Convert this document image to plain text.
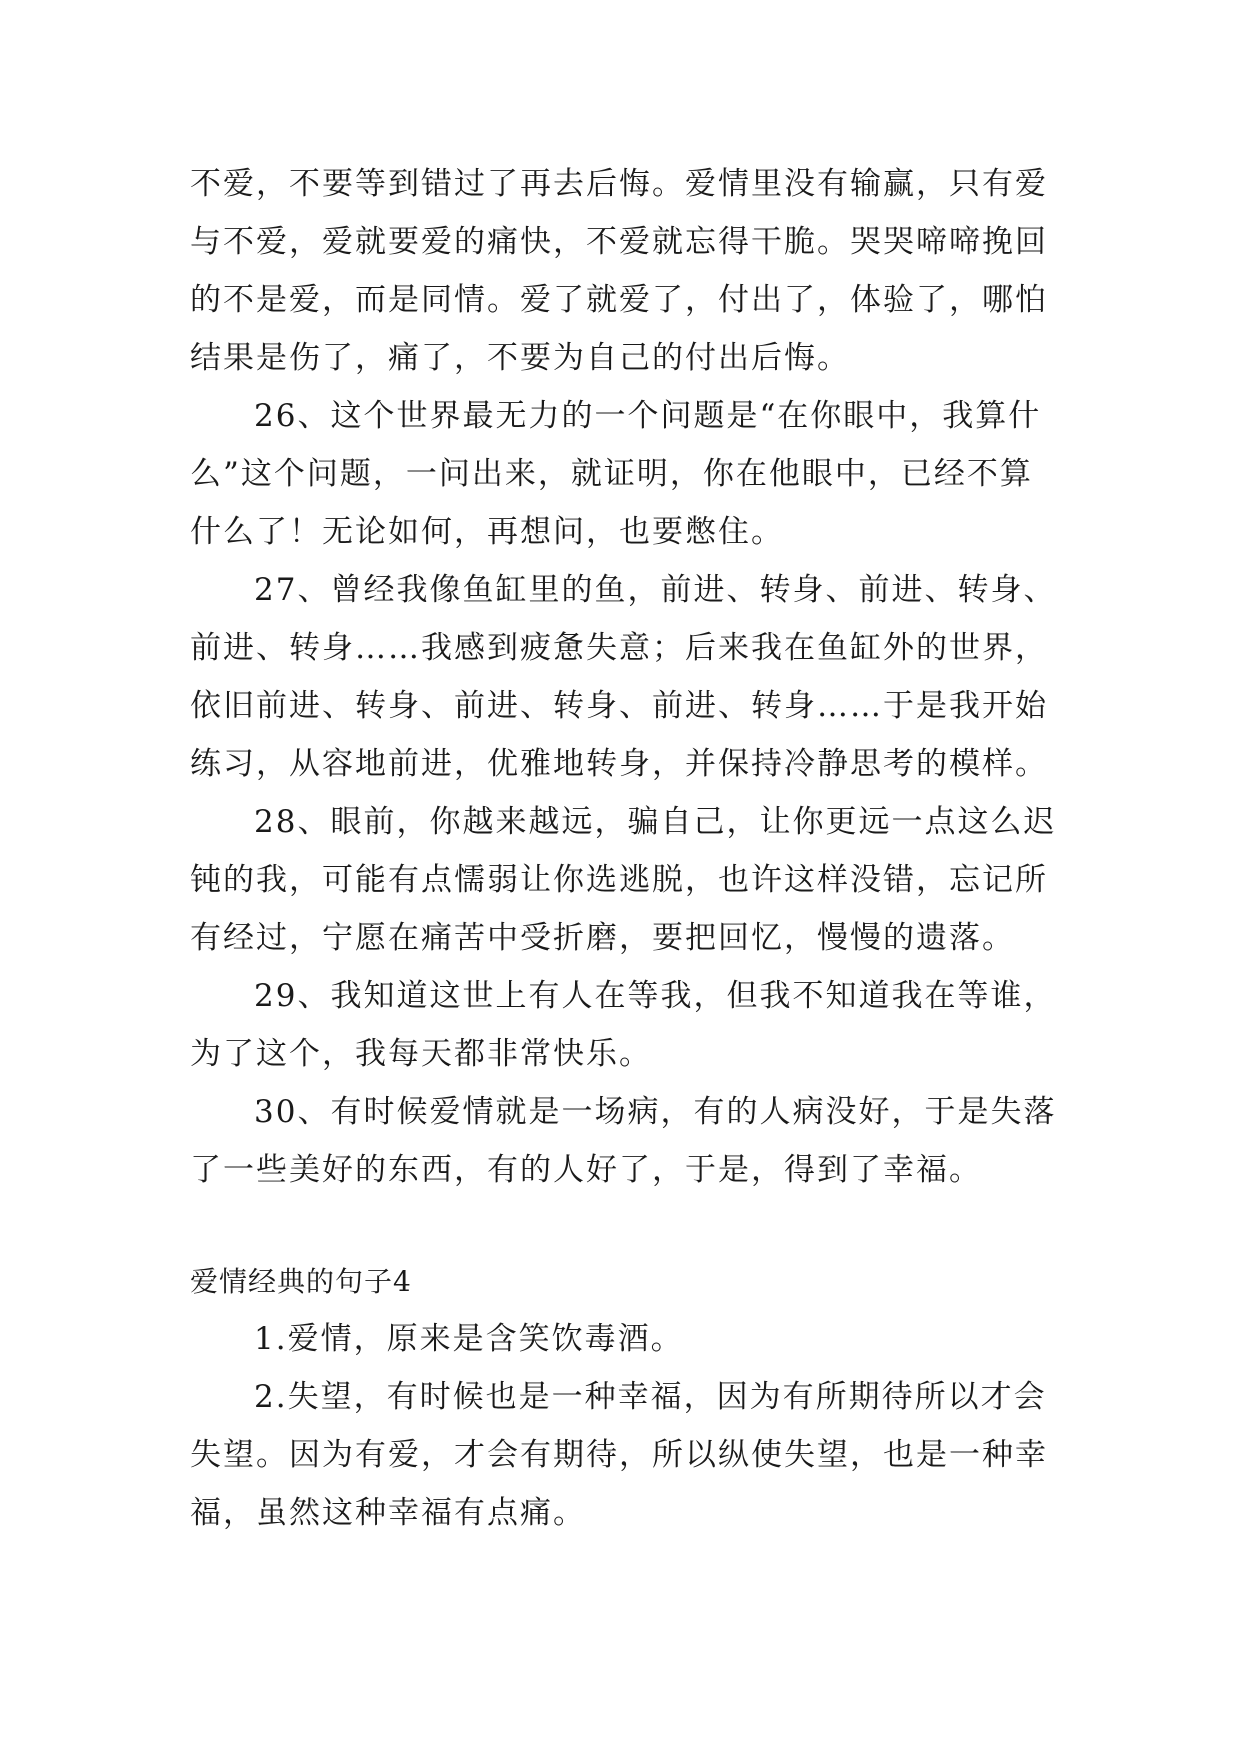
不爱，不要等到错过了再去后悔。爱情里没有输赢，只有爱
与不爱，爱就要爱的痛快，不爱就忘得干脆。哭哭啼啼挽回
的不是爱，而是同情。爱了就爱了，付出了，体验了，哪怕
结果是伤了，痛了，不要为自己的付出后悔。
26、这个世界最无力的一个问题是“在你眼中，我算什
么”这个问题，一问出来，就证明，你在他眼中，已经不算
什么了！无论如何，再想问，也要憋住。
27、曾经我像鱼缸里的鱼，前进、转身、前进、转身、
前进、转身……我感到疲惫失意；后来我在鱼缸外的世界，
依旧前进、转身、前进、转身、前进、转身……于是我开始
练习，从容地前进，优雅地转身，并保持冷静思考的模样。
28、眼前，你越来越远，骗自己，让你更远一点这么迟
钝的我，可能有点懦弱让你选逃脱，也许这样没错，忘记所
有经过，宁愿在痛苦中受折磨，要把回忆，慢慢的遗落。
29、我知道这世上有人在等我，但我不知道我在等谁，
为了这个，我每天都非常快乐。
30、有时候爱情就是一场病，有的人病没好，于是失落
了一些美好的东西，有的人好了，于是，得到了幸福。
爱情经典的句子4
1.爱情，原来是含笑饮毒酒。
2.失望，有时候也是一种幸福，因为有所期待所以才会
失望。因为有爱，才会有期待，所以纵使失望，也是一种幸
福，虽然这种幸福有点痛。
